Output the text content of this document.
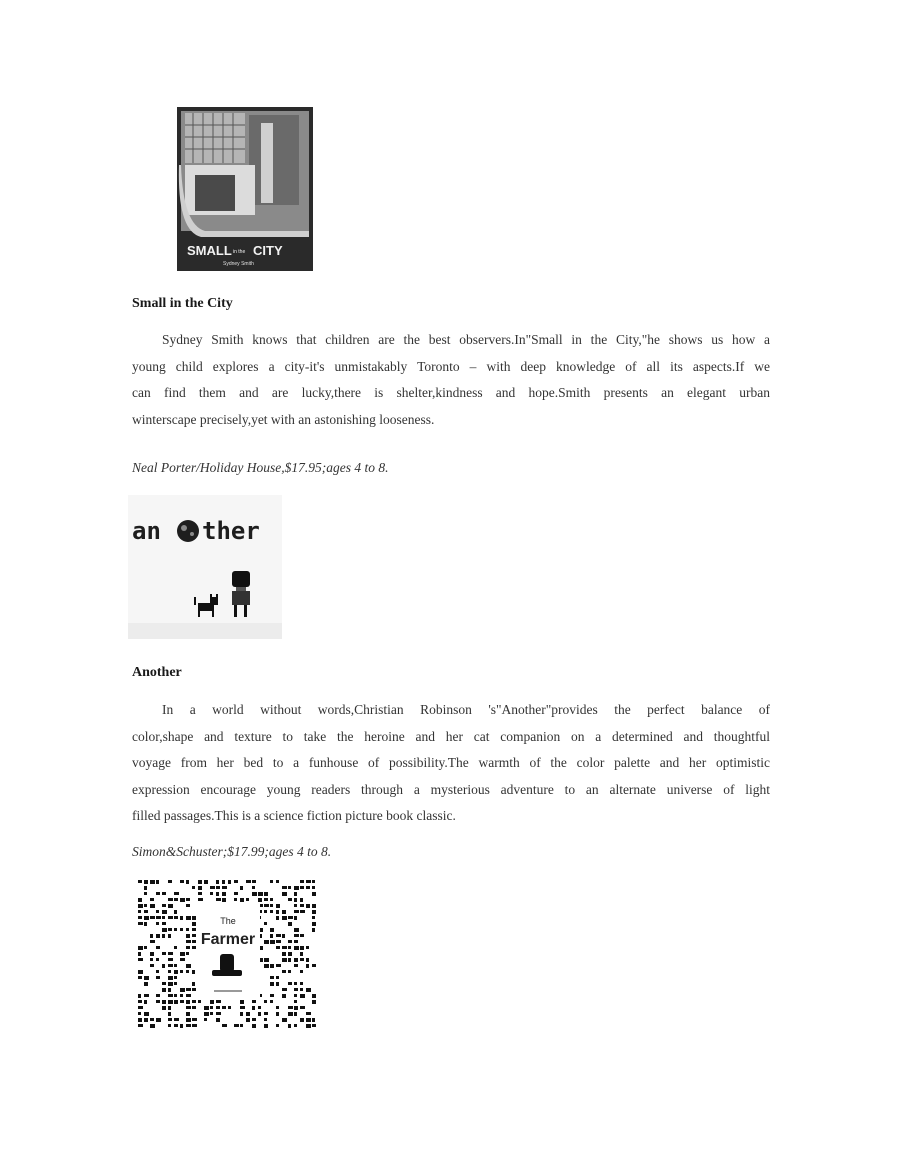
SMALL in the CITY
Sydney Smith
Small in the City
Sydney Smith knows that children are the best observers.In"Small in the City,"he shows us how a
young child explores a city-it's unmistakably Toronto – with deep knowledge of all its aspects.If we
can find them and are lucky,there is shelter,kindness and hope.Smith presents an elegant urban
winterscape precisely,yet with an astonishing looseness.
Neal Porter/Holiday House,$17.95;ages 4 to 8.
an ther
Another
In a world without words,Christian Robinson 's"Another"provides the perfect balance of
color,shape and texture to take the heroine and her cat companion on a determined and thoughtful
voyage from her bed to a funhouse of possibility.The warmth of the color palette and her optimistic
expression encourage young readers through a mysterious adventure to an alternate universe of light
filled passages.This is a science fiction picture book classic.
Simon&Schuster;$17.99;ages 4 to 8.
The
Farmer
